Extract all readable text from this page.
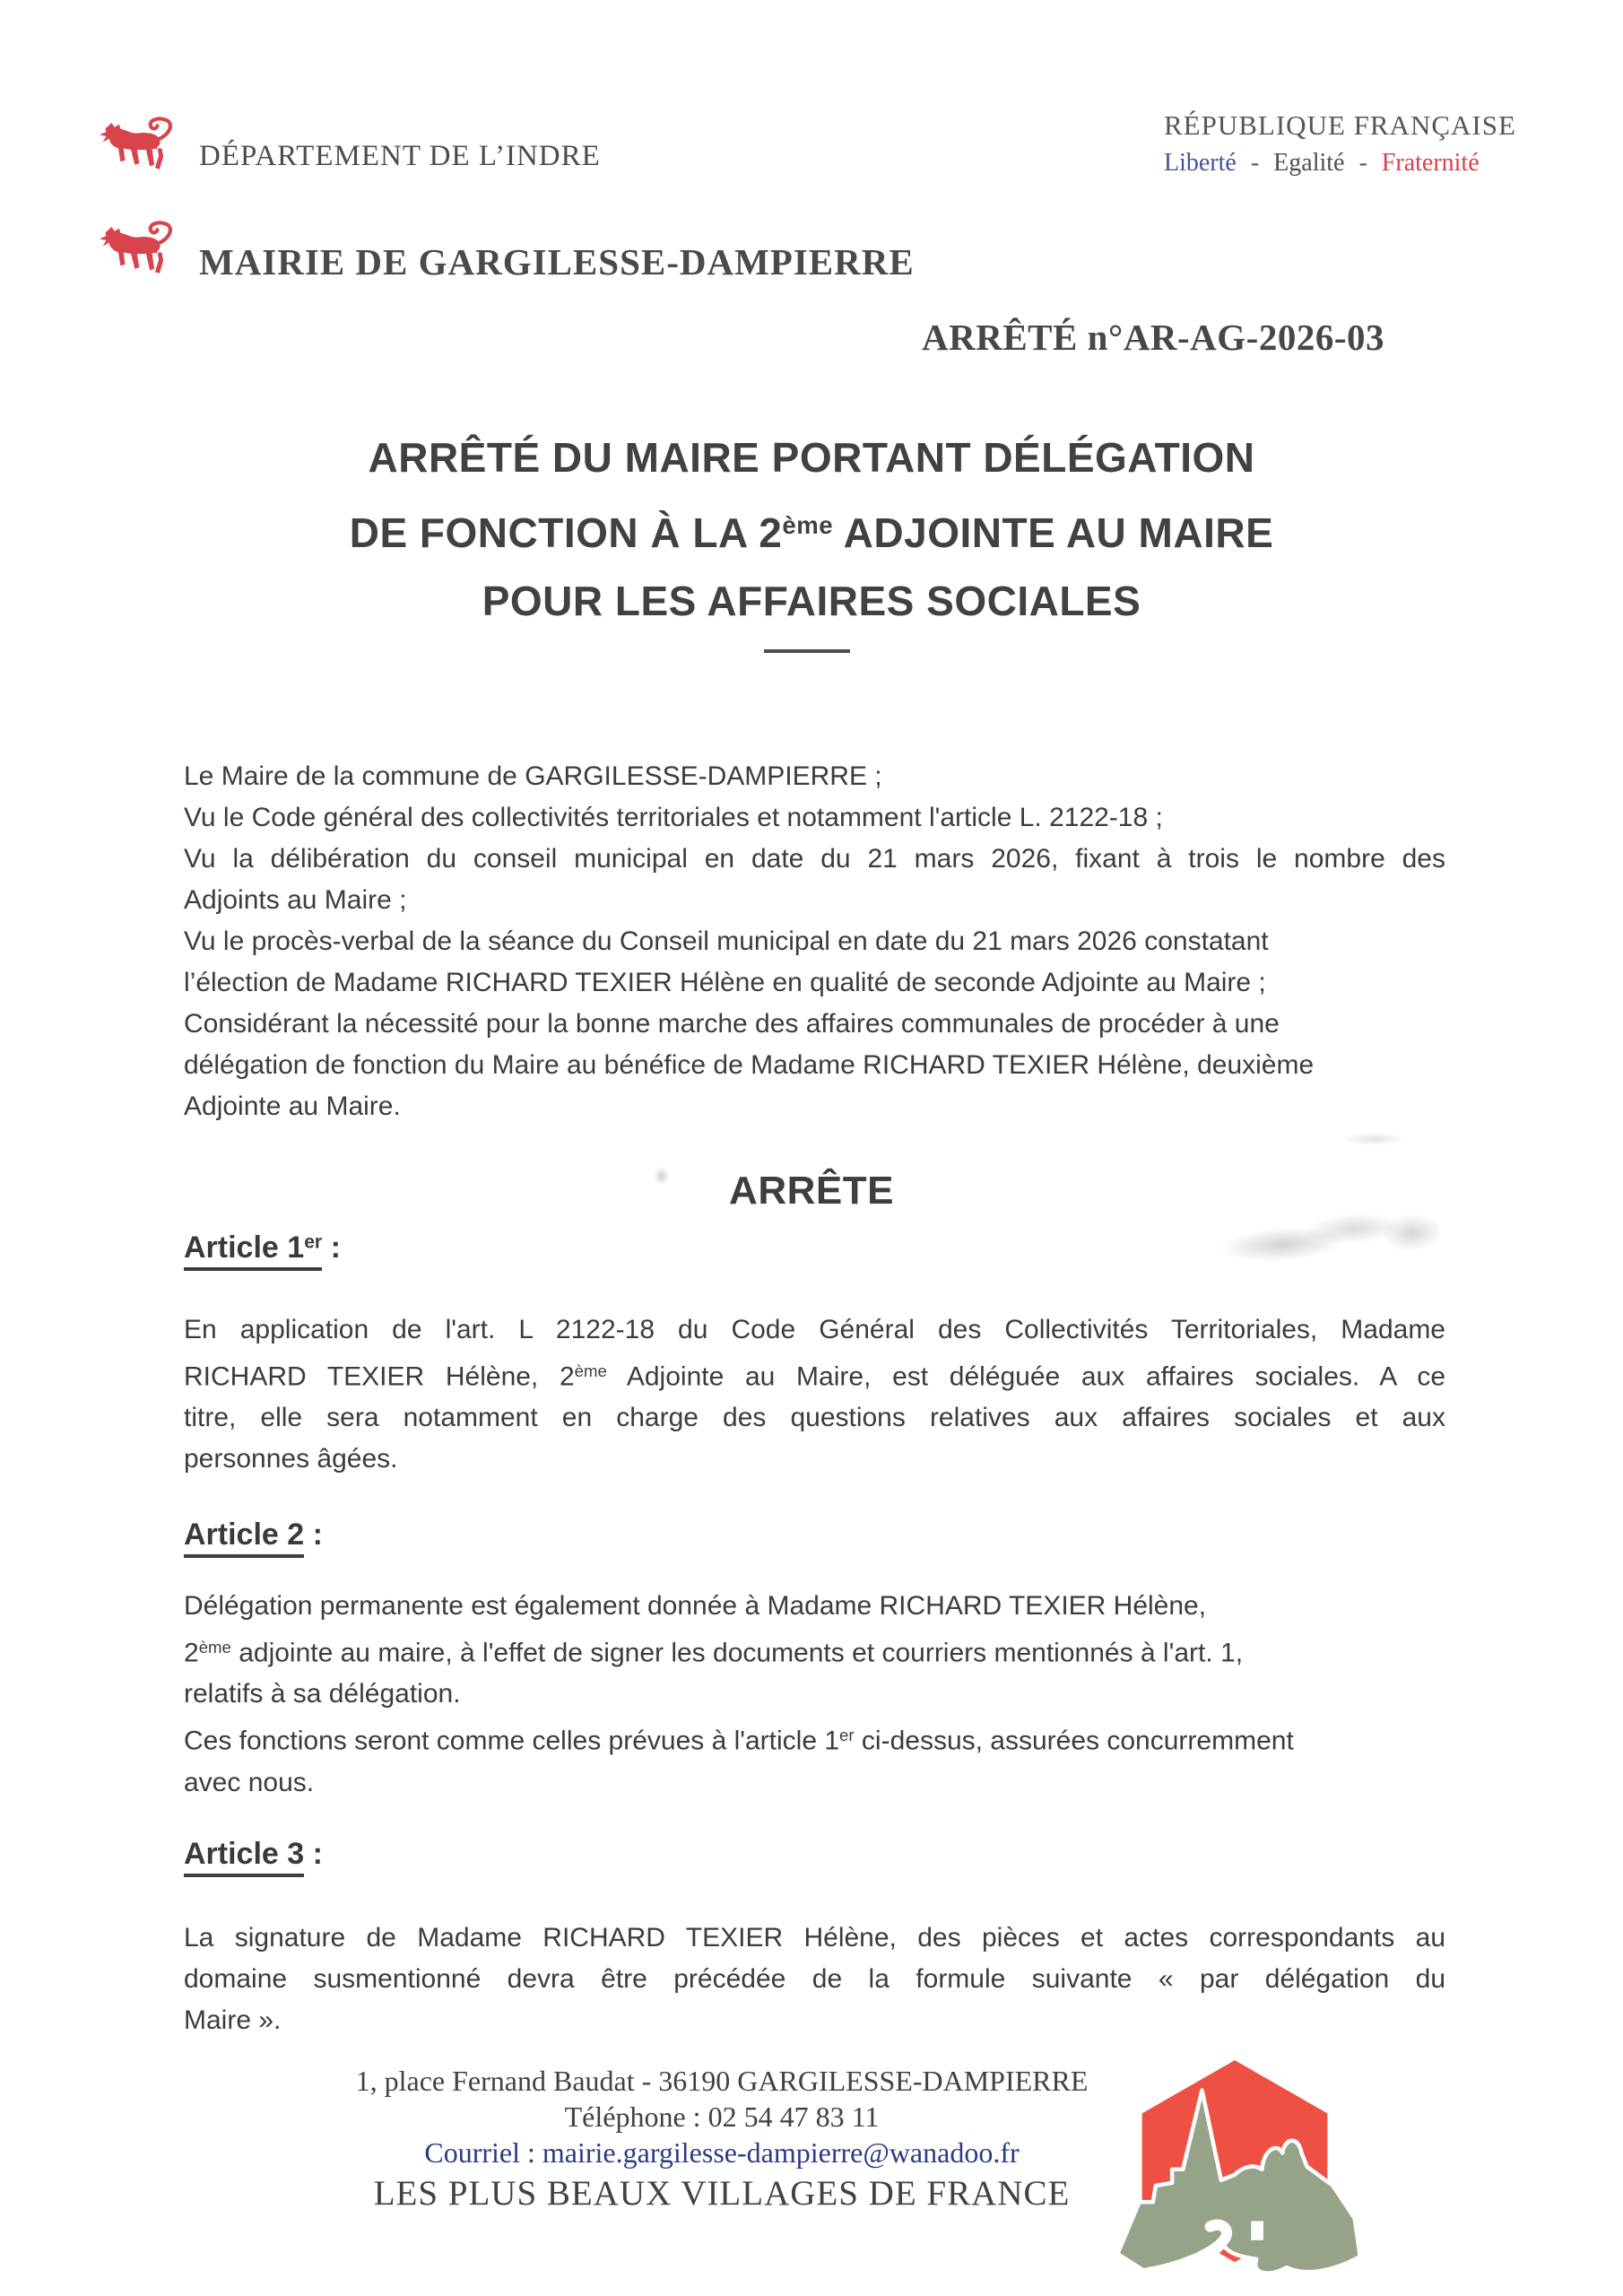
DÉPARTEMENT DE L’INDRE
MAIRIE DE GARGILESSE-DAMPIERRE
RÉPUBLIQUE FRANÇAISE
Liberté - Egalité - Fraternité
ARRÊTÉ n°AR-AG-2026-03
ARRÊTÉ DU MAIRE PORTANT DÉLÉGATION
DE FONCTION À LA 2ème ADJOINTE AU MAIRE
POUR LES AFFAIRES SOCIALES
Le Maire de la commune de GARGILESSE-DAMPIERRE ;
Vu le Code général des collectivités territoriales et notamment l'article L. 2122-18 ;
Vu la délibération du conseil municipal en date du 21 mars 2026, fixant à trois le nombre des
Adjoints au Maire ;
Vu le procès-verbal de la séance du Conseil municipal en date du 21 mars 2026 constatant
l’élection de Madame RICHARD TEXIER Hélène en qualité de seconde Adjointe au Maire ;
Considérant la nécessité pour la bonne marche des affaires communales de procéder à une
délégation de fonction du Maire au bénéfice de Madame RICHARD TEXIER Hélène, deuxième
Adjointe au Maire.
ARRÊTE
Article 1er :
En application de l'art. L 2122-18 du Code Général des Collectivités Territoriales, Madame
RICHARD TEXIER Hélène, 2ème Adjointe au Maire, est déléguée aux affaires sociales. A ce
titre, elle sera notamment en charge des questions relatives aux affaires sociales et aux
personnes âgées.
Article 2 :
Délégation permanente est également donnée à Madame RICHARD TEXIER Hélène,
2ème adjointe au maire, à l'effet de signer les documents et courriers mentionnés à l'art. 1,
relatifs à sa délégation.
Ces fonctions seront comme celles prévues à l'article 1er ci-dessus, assurées concurremment
avec nous.
Article 3 :
La signature de Madame RICHARD TEXIER Hélène, des pièces et actes correspondants au
domaine susmentionné devra être précédée de la formule suivante « par délégation du
Maire ».
1, place Fernand Baudat - 36190 GARGILESSE-DAMPIERRE
Téléphone : 02 54 47 83 11
Courriel : mairie.gargilesse-dampierre@wanadoo.fr
LES PLUS BEAUX VILLAGES DE FRANCE
